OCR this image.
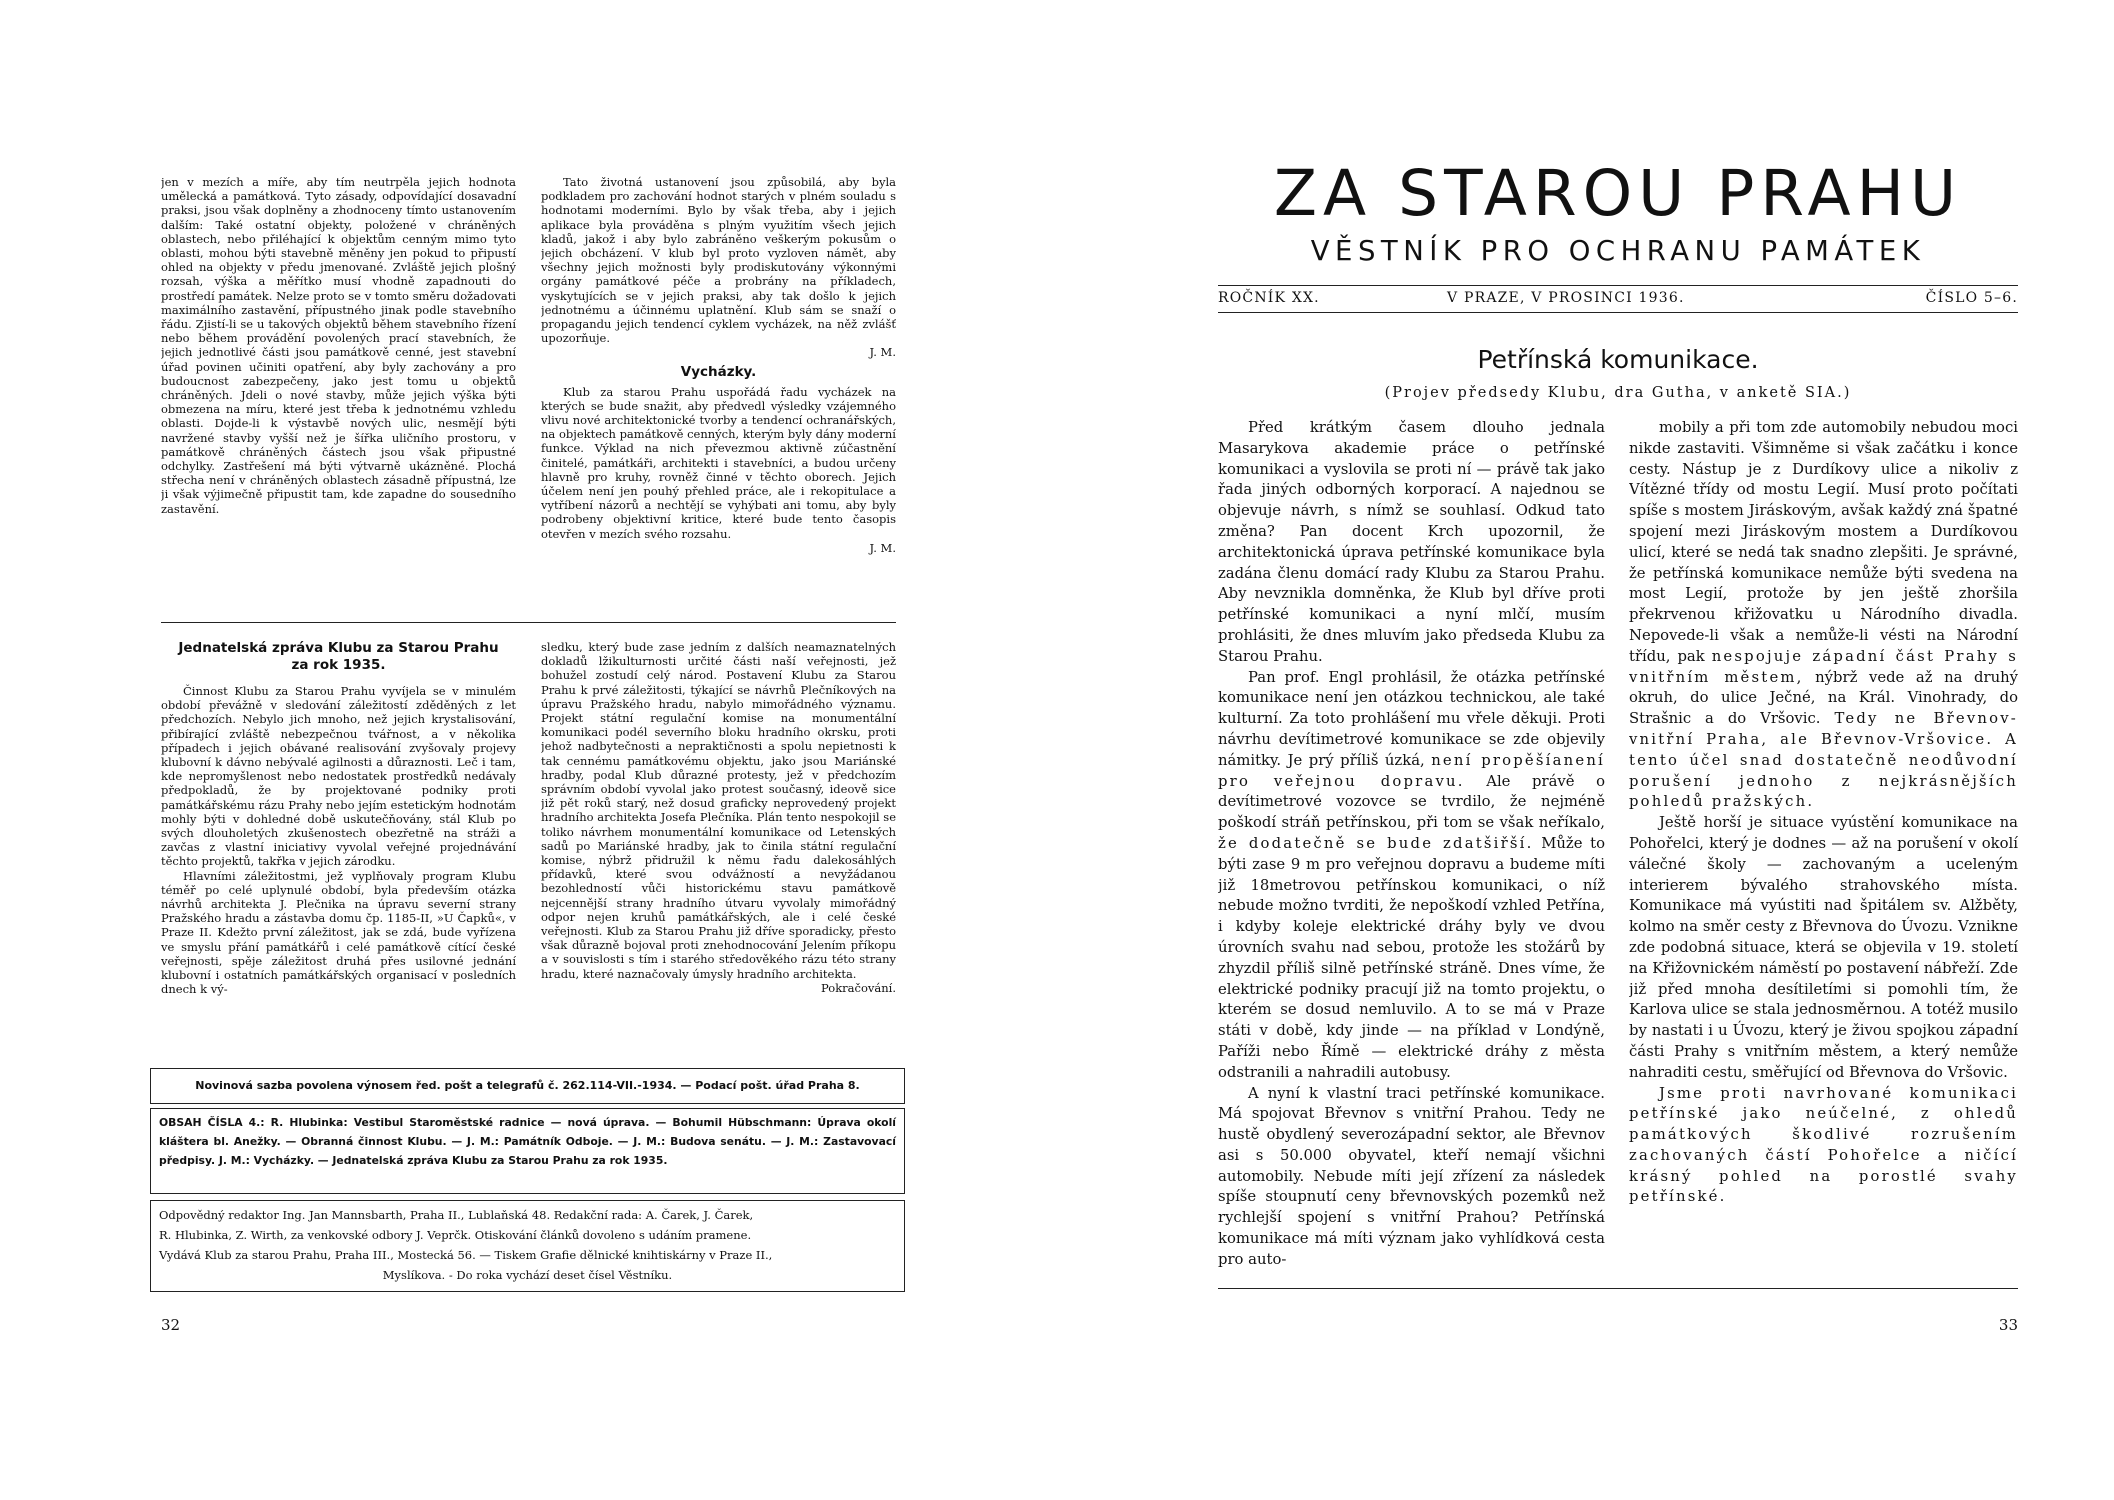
jen v mezích a míře, aby tím neutrpěla jejich hodnota umělecká a památková. Tyto zásady, odpovídající dosavadní praksi, jsou však doplněny a zhodnoceny tímto ustanovením dalším: Také ostatní objekty, položené v chráněných oblastech, nebo přiléhající k objektům cenným mimo tyto oblasti, mohou býti stavebně měněny jen pokud to připustí ohled na objekty v předu jmenované. Zvláště jejich plošný rozsah, výška a měřítko musí vhodně zapadnouti do prostředí památek. Nelze proto se v tomto směru dožadovati maximálního zastavění, přípustného jinak podle stavebního řádu. Zjistí-li se u takových objektů během stavebního řízení nebo během provádění povolených prací stavebních, že jejich jednotlivé části jsou památkově cenné, jest stavební úřad povinen učiniti opatření, aby byly zachovány a pro budoucnost zabezpečeny, jako jest tomu u objektů chráněných. Jdeli o nové stavby, může jejich výška býti obmezena na míru, které jest třeba k jednotnému vzhledu oblasti. Dojde-li k výstavbě nových ulic, nesmějí býti navržené stavby vyšší než je šířka uličního prostoru, v památkově chráněných částech jsou však připustné odchylky. Zastřešení má býti výtvarně ukázněné. Plochá střecha není v chráněných oblastech zásadně přípustná, lze ji však výjimečně připustit tam, kde zapadne do sousedního zastavění.

Tato životná ustanovení jsou způsobilá, aby byla podkladem pro zachování hodnot starých v plném souladu s hodnotami moderními. Bylo by však třeba, aby i jejich aplikace byla prováděna s plným využitím všech jejich kladů, jakož i aby bylo zabráněno veškerým pokusům o jejich obcházení. V klub byl proto vyzloven námět, aby všechny jejich možnosti byly prodiskutovány výkonnými orgány památkové péče a probrány na příkladech, vyskytujících se v jejich praksi, aby tak došlo k jejich jednotnému a účinnému uplatnění. Klub sám se snaží o propagandu jejich tendencí cyklem vycházek, na něž zvlášť upozorňuje.

J. M.

Vycházky.

Klub za starou Prahu uspořádá řadu vycházek na kterých se bude snažit, aby předvedl výsledky vzájemného vlivu nové architektonické tvorby a tendencí ochranářských, na objektech památkově cenných, kterým byly dány moderní funkce. Výklad na nich převezmou aktivně zúčastnění činitelé, památkáři, architekti i stavebníci, a budou určeny hlavně pro kruhy, rovněž činné v těchto oborech. Jejich účelem není jen pouhý přehled práce, ale i rekopitulace a vytříbení názorů a nechtějí se vyhýbati ani tomu, aby byly podrobeny objektivní kritice, které bude tento časopis otevřen v mezích svého rozsahu.

J. M.

Jednatelská zpráva Klubu za Starou Prahu
za rok 1935.

Činnost Klubu za Starou Prahu vyvíjela se v minulém období převážně v sledování záležitostí zděděných z let předchozích. Nebylo jich mnoho, než jejich krystalisování, přibírající zvláště nebezpečnou tvářnost, a v několika případech i jejich obávané realisování zvyšovaly projevy klubovní k dávno nebývalé agilnosti a důraznosti. Leč i tam, kde nepromyšlenost nebo nedostatek prostředků nedávaly předpokladů, že by projektované podniky proti památkářskému rázu Prahy nebo jejím estetickým hodnotám mohly býti v dohledné době uskutečňovány, stál Klub po svých dlouholetých zkušenostech obezřetně na stráži a zavčas z vlastní iniciativy vyvolal veřejné projednávání těchto projektů, takřka v jejich zárodku.

Hlavními záležitostmi, jež vyplňovaly program Klubu téměř po celé uplynulé období, byla především otázka návrhů architekta J. Plečnika na úpravu severní strany Pražského hradu a zástavba domu čp. 1185-II, »U Čapků«, v Praze II. Kdežto první záležitost, jak se zdá, bude vyřízena ve smyslu přání památkářů i celé památkově cítící české veřejnosti, spěje záležitost druhá přes usilovné jednání klubovní i ostatních památkářských organisací v posledních dnech k vý-

sledku, který bude zase jedním z dalších neamaznatelných dokladů lžikulturnosti určité části naší veřejnosti, jež bohužel zostudí celý národ. Postavení Klubu za Starou Prahu k prvé záležitosti, týkající se návrhů Plečníkových na úpravu Pražského hradu, nabylo mimořádného významu. Projekt státní regulační komise na monumentální komunikaci podél severního bloku hradního okrsku, proti jehož nadbytečnosti a nepraktičnosti a spolu nepietnosti k tak cennému památkovému objektu, jako jsou Mariánské hradby, podal Klub důrazné protesty, jež v předchozím správním období vyvolal jako protest současný, ideově sice již pět roků starý, než dosud graficky neprovedený projekt hradního architekta Josefa Plečníka. Plán tento nespokojil se toliko návrhem monumentální komunikace od Letenských sadů po Mariánské hradby, jak to činila státní regulační komise, nýbrž přidružil k němu řadu dalekosáhlých přídavků, které svou odvážností a nevyžádanou bezohledností vůči historickému stavu památkově nejcennější strany hradního útvaru vyvolaly mimořádný odpor nejen kruhů památkářských, ale i celé české veřejnosti. Klub za Starou Prahu již dříve sporadicky, přesto však důrazně bojoval proti znehodnocování Jelením příkopu a v souvislosti s tím i starého středověkého rázu této strany hradu, které naznačovaly úmysly hradního architekta.

Pokračování.

Novinová sazba povolena výnosem řed. pošt a telegrafů č. 262.114-VII.-1934. — Podací pošt. úřad Praha 8.
OBSAH ČÍSLA 4.: R. Hlubinka: Vestibul Staroměstské radnice — nová úprava. — Bohumil Hübschmann: Úprava okolí kláštera bl. Anežky. — Obranná činnost Klubu. — J. M.: Památník Odboje. — J. M.: Budova senátu. — J. M.: Zastavovací předpisy. J. M.: Vycházky. — Jednatelská zpráva Klubu za Starou Prahu za rok 1935.
Odpovědný redaktor Ing. Jan Mannsbarth, Praha II., Lublaňská 48. Redakční rada: A. Čarek, J. Čarek,
R. Hlubinka, Z. Wirth, za venkovské odbory J. Veprčk. Otiskování článků dovoleno s udáním pramene.
Vydává Klub za starou Prahu, Praha III., Mostecká 56. — Tiskem Grafie dělnické knihtiskárny v Praze II.,
Myslíkova. - Do roka vychází deset čísel Věstníku.
32
ZA STAROU PRAHU
VĚSTNÍK PRO OCHRANU PAMÁTEK
ROČNÍK XX.	V PRAZE, V PROSINCI 1936.	ČÍSLO 5–6.
Petřínská komunikace.
(Projev předsedy Klubu, dra Gutha, v anketě SIA.)

Před krátkým časem dlouho jednala Masarykova akademie práce o petřínské komunikaci a vyslovila se proti ní — právě tak jako řada jiných odborných korporací. A najednou se objevuje návrh, s nímž se souhlasí. Odkud tato změna? Pan docent Krch upozornil, že architektonická úprava petřínské komunikace byla zadána členu domácí rady Klubu za Starou Prahu. Aby nevznikla domněnka, že Klub byl dříve proti petřínské komunikaci a nyní mlčí, musím prohlásiti, že dnes mluvím jako předseda Klubu za Starou Prahu.

Pan prof. Engl prohlásil, že otázka petřínské komunikace není jen otázkou technickou, ale také kulturní. Za toto prohlášení mu vřele děkuji. Proti návrhu devítimetrové komunikace se zde objevily námitky. Je prý příliš úzká, není propěšíanení pro veřejnou dopravu. Ale právě o devítimetrové vozovce se tvrdilo, že nejméně poškodí stráň petřínskou, při tom se však neříkalo, že dodatečně se bude zdatšiřší. Může to býti zase 9 m pro veřejnou dopravu a budeme míti již 18metrovou petřínskou komunikaci, o níž nebude možno tvrditi, že nepoškodí vzhled Petřína, i kdyby koleje elektrické dráhy byly ve dvou úrovních svahu nad sebou, protože les stožárů by zhyzdil příliš silně petřínské stráně. Dnes víme, že elektrické podniky pracují již na tomto projektu, o kterém se dosud nemluvilo. A to se má v Praze státi v době, kdy jinde — na příklad v Londýně, Paříži nebo Římě — elektrické dráhy z města odstranili a nahradili autobusy.

A nyní k vlastní traci petřínské komunikace. Má spojovat Břevnov s vnitřní Prahou. Tedy ne hustě obydlený severozápadní sektor, ale Břevnov asi s 50.000 obyvatel, kteří nemají všichni automobily. Nebude míti její zřízení za následek spíše stoupnutí ceny břevnovských pozemků než rychlejší spojení s vnitřní Prahou? Petřínská komunikace má míti význam jako vyhlídková cesta pro auto-

mobily a při tom zde automobily nebudou moci nikde zastaviti. Všimněme si však začátku i konce cesty. Nástup je z Durdíkovy ulice a nikoliv z Vítězné třídy od mostu Legií. Musí proto počítati spíše s mostem Jiráskovým, avšak každý zná špatné spojení mezi Jiráskovým mostem a Durdíkovou ulicí, které se nedá tak snadno zlepšiti. Je správné, že petřínská komunikace nemůže býti svedena na most Legií, protože by jen ještě zhoršila překrvenou křižovatku u Národního divadla. Nepovede-li však a nemůže-li vésti na Národní třídu, pak nespojuje západní část Prahy s vnitřním městem, nýbrž vede až na druhý okruh, do ulice Ječné, na Král. Vinohrady, do Strašnic a do Vršovic. Tedy ne Břevnov-vnitřní Praha, ale Břevnov-Vršovice. A tento účel snad dostatečně neodůvodní porušení jednoho z nejkrásnějších pohledů pražských.

Ještě horší je situace vyústění komunikace na Pohořelci, který je dodnes — až na porušení v okolí válečné školy — zachovaným a uceleným interierem bývalého strahovského místa. Komunikace má vyústiti nad špitálem sv. Alžběty, kolmo na směr cesty z Břevnova do Úvozu. Vznikne zde podobná situace, která se objevila v 19. století na Křižovnickém náměstí po postavení nábřeží. Zde již před mnoha desítiletími si pomohli tím, že Karlova ulice se stala jednosměrnou. A totéž musilo by nastati i u Úvozu, který je živou spojkou západní části Prahy s vnitřním městem, a který nemůže nahraditi cestu, směřující od Břevnova do Vršovic.

Jsme proti navrhované komunikaci petřínské jako neúčelné, z ohledů památkových škodlivé rozrušením zachovaných částí Pohořelce a ničící krásný pohled na porostlé svahy petřínské.

33
